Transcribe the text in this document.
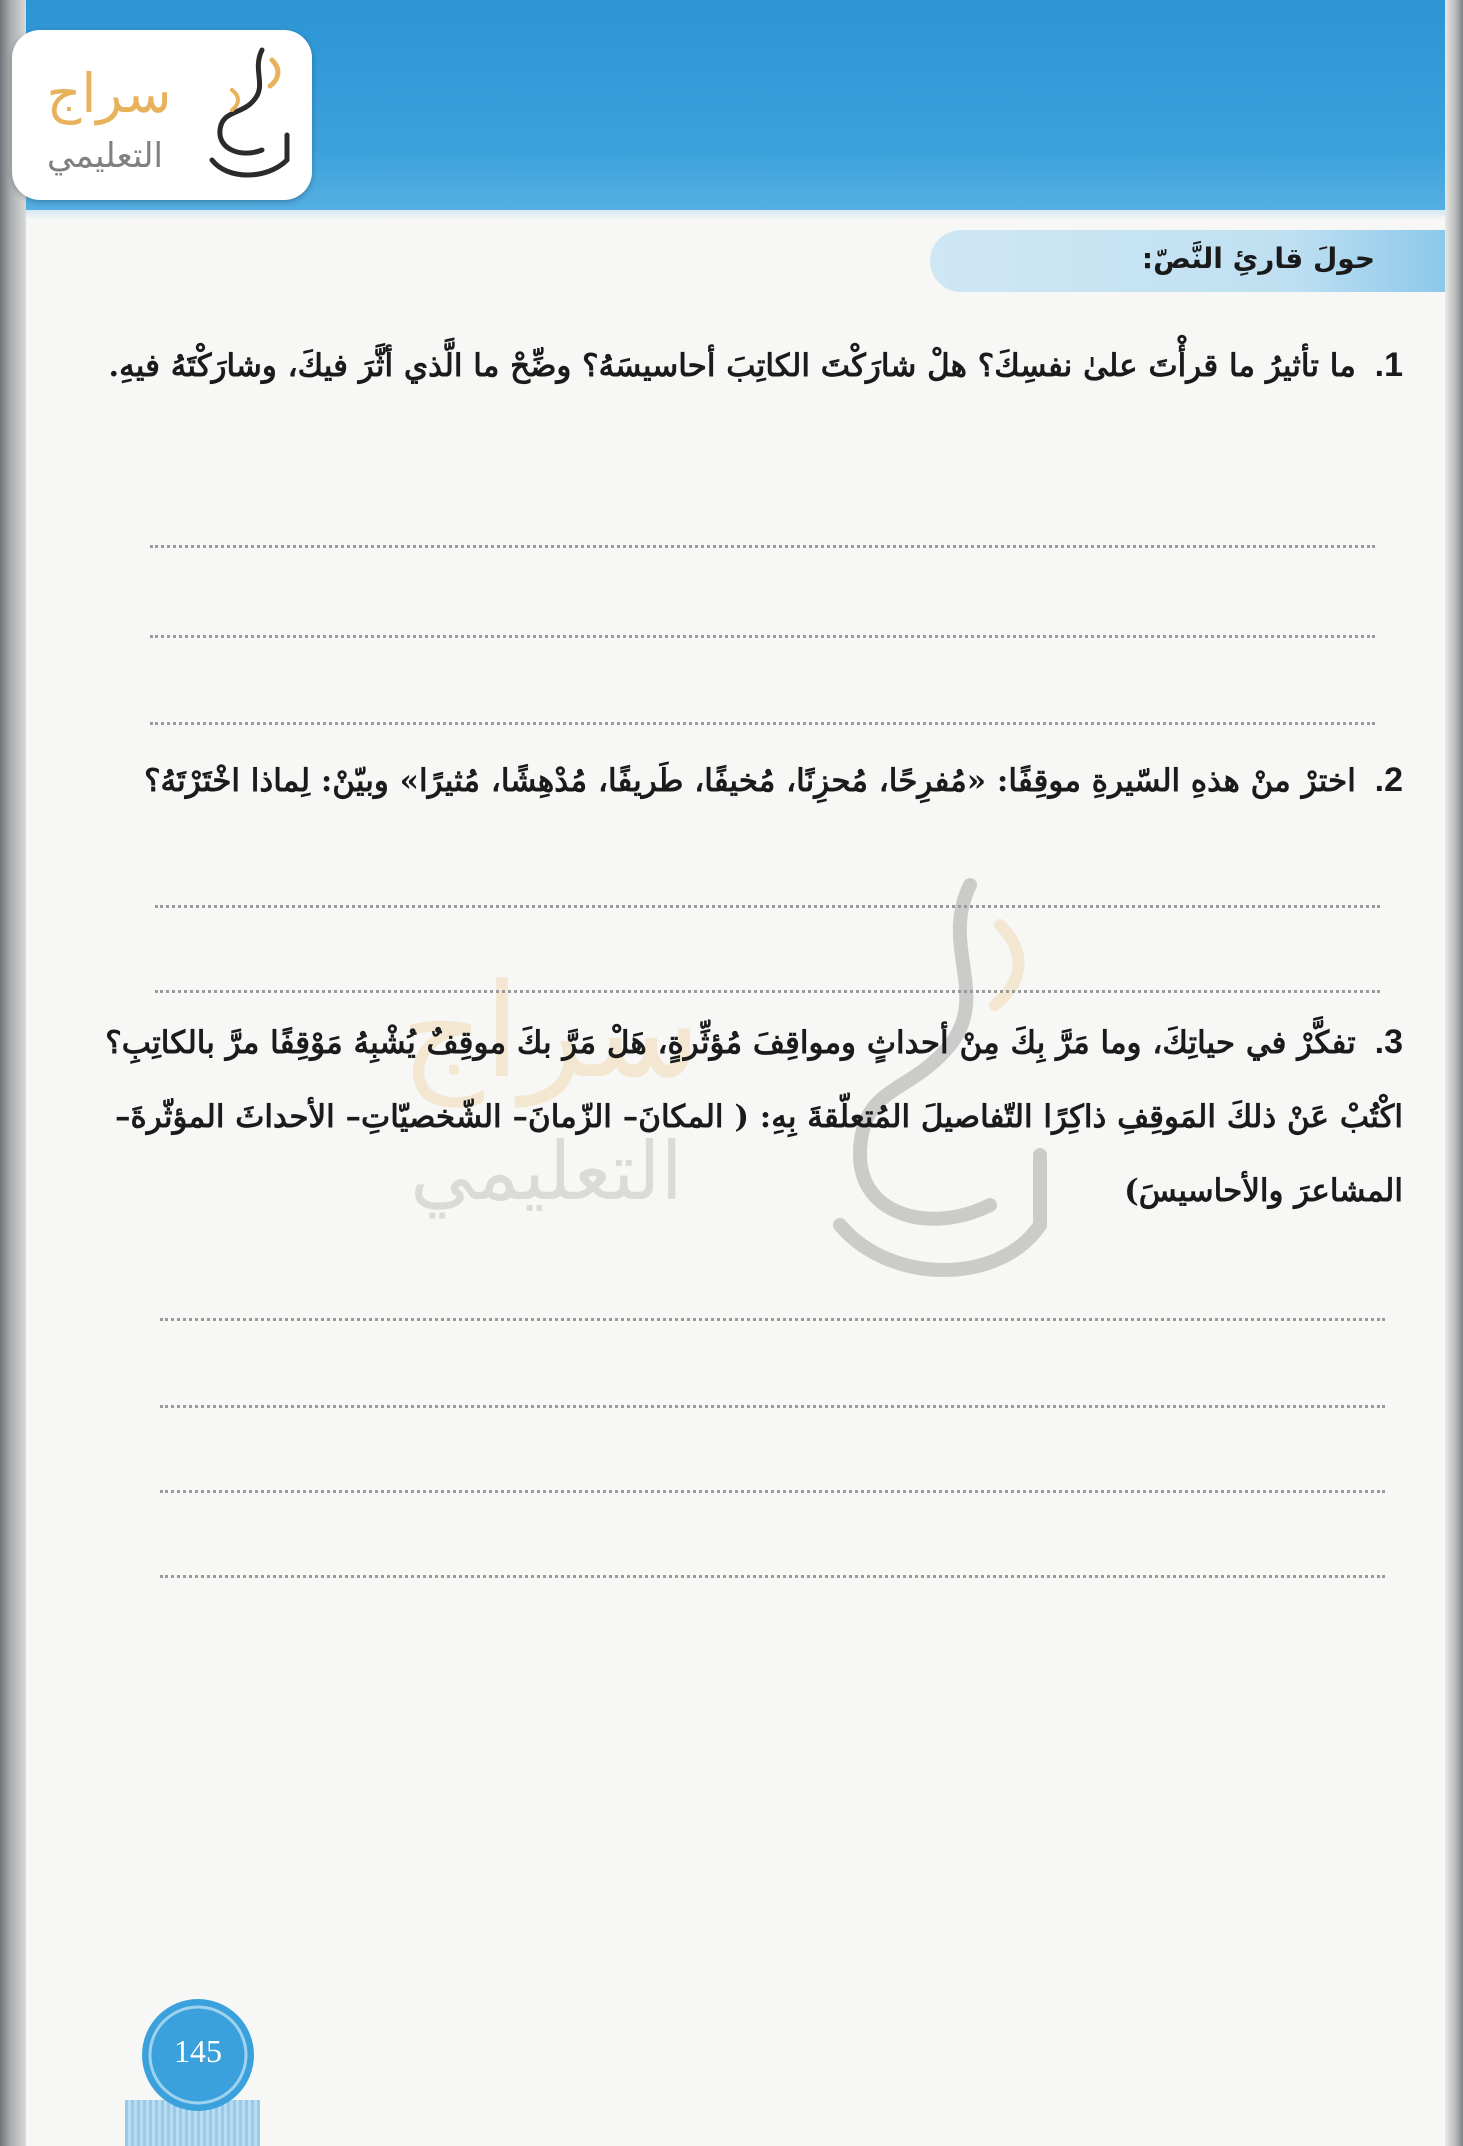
سراج
التعليمي
سراج
التعليمي
حولَ قارئِ النَّصّ:
1. ما تأثيرُ ما قرأْتَ علىٰ نفسِكَ؟ هلْ شارَكْتَ الكاتِبَ أحاسيسَهُ؟ وضِّحْ ما الَّذي أثَّرَ فيكَ، وشارَكْتَهُ فيهِ.
2. اخترْ منْ هذهِ السّيرةِ موقِفًا: «مُفرِحًا، مُحزِنًا، مُخيفًا، طَريفًا، مُدْهِشًا، مُثيرًا» وبيّنْ: لِماذا اخْتَرْتَهُ؟
3. تفكَّرْ في حياتِكَ، وما مَرَّ بِكَ مِنْ أحداثٍ ومواقِفَ مُؤثِّرةٍ، هَلْ مَرَّ بكَ موقِفٌ يُشْبِهُ مَوْقِفًا مرَّ بالكاتِبِ؟ اكْتُبْ عَنْ ذلكَ المَوقِفِ ذاكِرًا التّفاصيلَ المُتعلّقةَ بِهِ: ( المكانَ– الزّمانَ– الشّخصيّاتِ– الأحداثَ المؤثّرةَ– المشاعرَ والأحاسيسَ)
145
